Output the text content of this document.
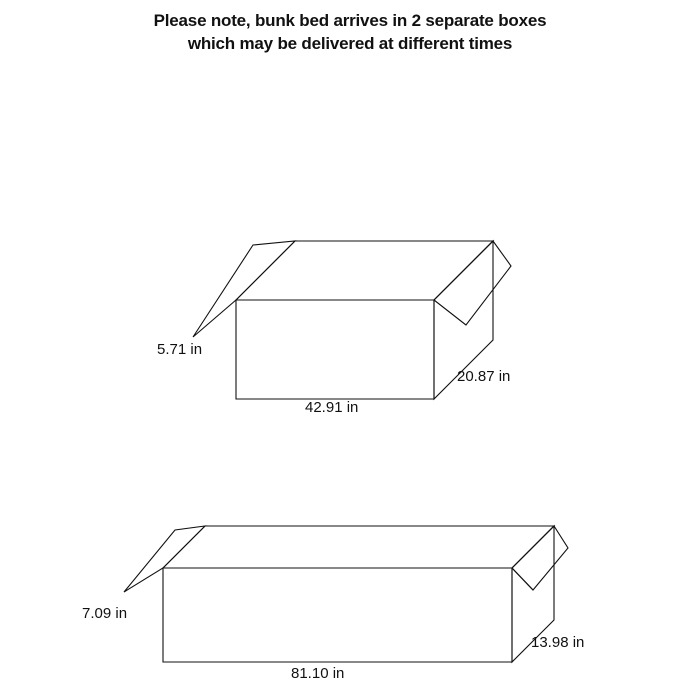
Please note, bunk bed arrives in 2 separate boxes
which may be delivered at different times
5.71 in
42.91 in
20.87 in
7.09 in
81.10 in
13.98 in
